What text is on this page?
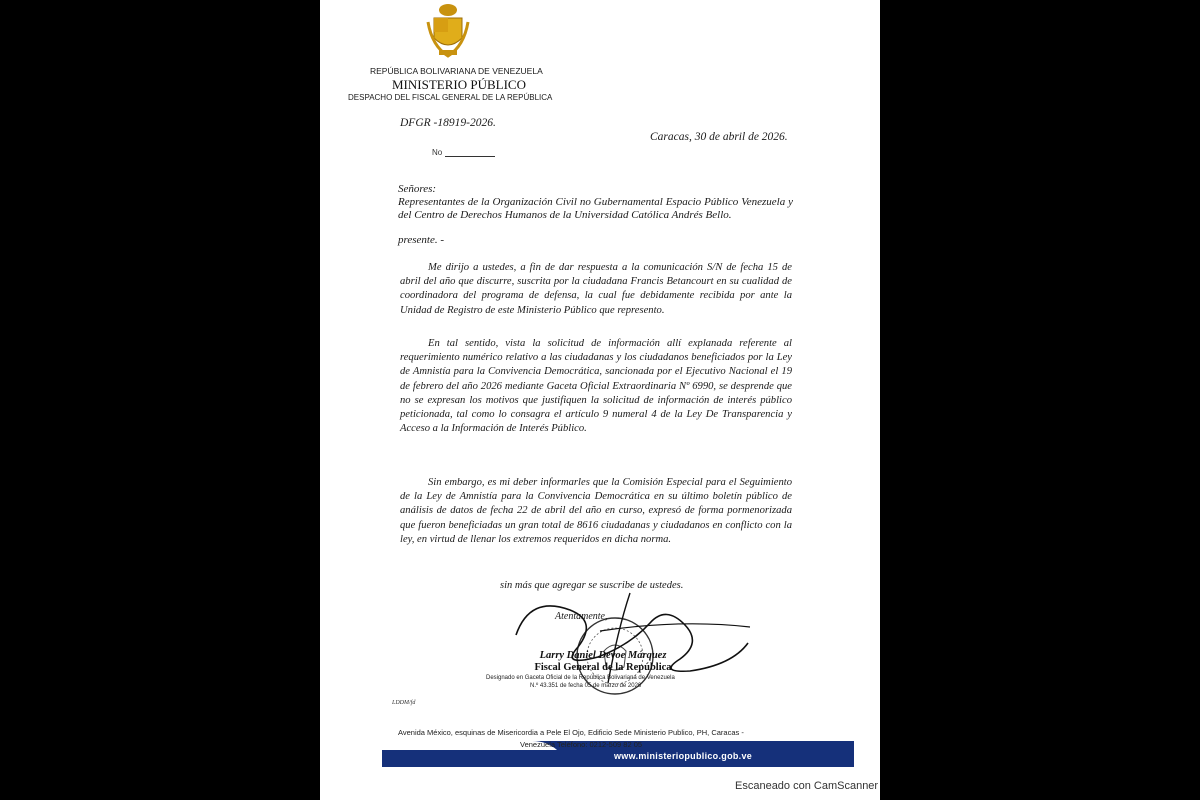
REPÚBLICA BOLIVARIANA DE VENEZUELA
MINISTERIO PÚBLICO
DESPACHO DEL FISCAL GENERAL DE LA REPÚBLICA
DFGR -18919-2026.
Caracas, 30 de abril de 2026.
No
Señores:
Representantes de la Organización Civil no Gubernamental Espacio Público Venezuela y del Centro de Derechos Humanos de la Universidad Católica Andrés Bello.
presente. -
Me dirijo a ustedes, a fin de dar respuesta a la comunicación S/N de fecha 15 de abril del año que discurre, suscrita por la ciudadana Francis Betancourt en su cualidad de coordinadora del programa de defensa, la cual fue debidamente recibida por ante la Unidad de Registro de este Ministerio Público que represento.
En tal sentido, vista la solicitud de información allí explanada referente al requerimiento numérico relativo a las ciudadanas y los ciudadanos beneficiados por la Ley de Amnistía para la Convivencia Democrática, sancionada por el Ejecutivo Nacional el 19 de febrero del año 2026 mediante Gaceta Oficial Extraordinaria Nº 6990, se desprende que no se expresan los motivos que justifiquen la solicitud de información de interés público peticionada, tal como lo consagra el artículo 9 numeral 4 de la Ley De Transparencia y Acceso a la Información de Interés Público.
Sin embargo, es mi deber informarles que la Comisión Especial para el Seguimiento de la Ley de Amnistía para la Convivencia Democrática en su último boletín público de análisis de datos de fecha 22 de abril del año en curso, expresó de forma pormenorizada que fueron beneficiadas un gran total de 8616 ciudadanas y ciudadanos en conflicto con la ley, en virtud de llenar los extremos requeridos en dicha norma.
sin más que agregar se suscribe de ustedes.
Atentamente,
Larry Daniel Devoe Márquez
Fiscal General de la República
Designado en Gaceta Oficial de la República Bolivariana de Venezuela
N.º 43.351 de fecha 05 de marzo de 2026
LDDM/fd
Avenida México, esquinas de Misericordia a Pele El Ojo, Edificio Sede Ministerio Publico, PH, Caracas -
Venezuela Teléfono: 0212-509 82 05
www.ministeriopublico.gob.ve
Escaneado con CamScanner
